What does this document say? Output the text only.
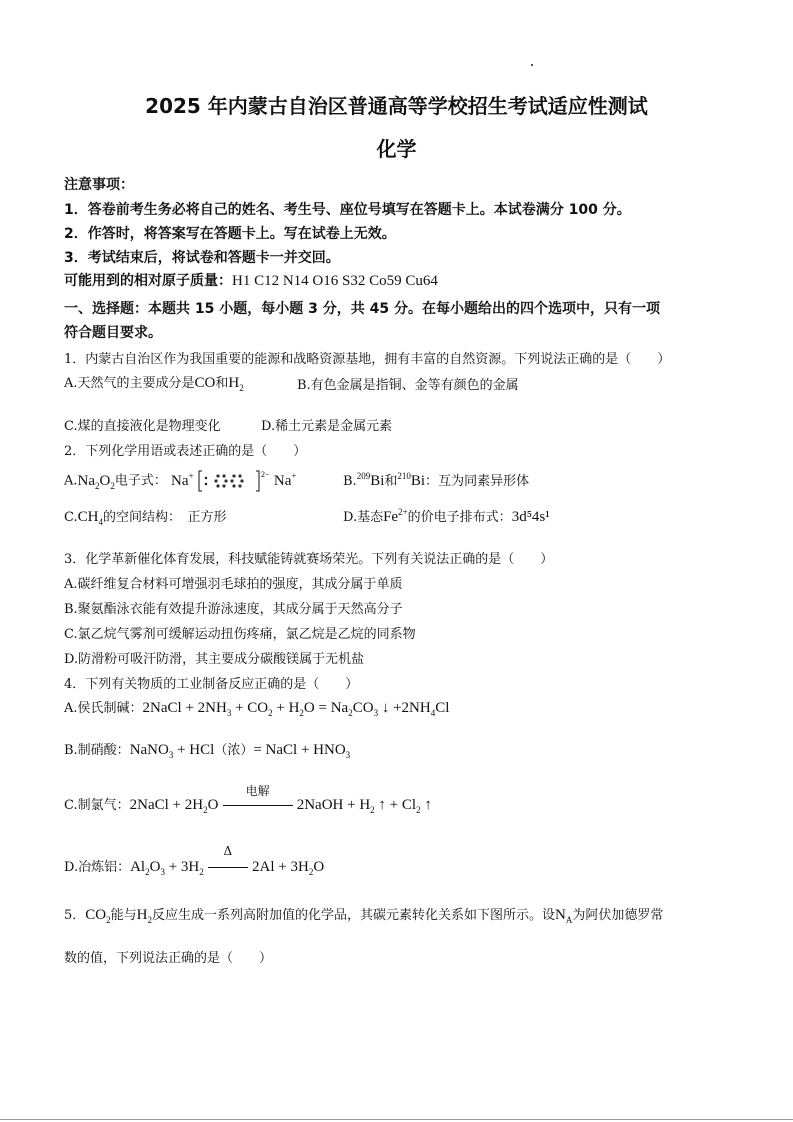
2025 年内蒙古自治区普通高等学校招生考试适应性测试
化学
注意事项：
1．答卷前考生务必将自己的姓名、考生号、座位号填写在答题卡上。本试卷满分 100 分。
2．作答时，将答案写在答题卡上。写在试卷上无效。
3．考试结束后，将试卷和答题卡一并交回。
可能用到的相对原子质量：H1 C12 N14 O16 S32 Co59 Cu64
一、选择题：本题共 15 小题，每小题 3 分，共 45 分。在每小题给出的四个选项中，只有一项
符合题目要求。
1．内蒙古自治区作为我国重要的能源和战略资源基地，拥有丰富的自然资源。下列说法正确的是（　　）
A.天然气的主要成分是CO和$H_2$	B.有色金属是指铜、金等有颜色的金属
C.煤的直接液化是物理变化	D.稀土元素是金属元素
2．下列化学用语或表述正确的是（　　）
$A.Na_2O_2$电子式： Na+	2− Na+	B.$^{209}$Bi和$^{210}$Bi：互为同素异形体
$C.CH_4$的空间结构：　正方形	D.基态$Fe^{2+}$的价电子排布式：3d⁵4s¹
3．化学革新催化体育发展，科技赋能铸就赛场荣光。下列有关说法正确的是（　　）
A.碳纤维复合材料可增强羽毛球拍的强度，其成分属于单质
B.聚氨酯泳衣能有效提升游泳速度，其成分属于天然高分子
C.氯乙烷气雾剂可缓解运动扭伤疼痛，氯乙烷是乙烷的同系物
D.防滑粉可吸汗防滑，其主要成分碳酸镁属于无机盐
4．下列有关物质的工业制备反应正确的是（　　）
A.侯氏制碱：2NaCl + $2NH_3 + CO_2 + H_2O = Na_2CO_3$ ↓ $+2NH_4Cl$
B.制硝酸：NaNO$_3$ + HCl（浓）= NaCl + $HNO_3$
C.制氯气：2NaCl + $2H_2O$
电解
2NaOH + $H_2$ ↑ + $Cl_2$ ↑
D.冶炼铝：$Al_2O_3 + 3H_2$
Δ
$2Al + 3H_2O$
5．$CO_2$能与$H_2$反应生成一系列高附加值的化学品，其碳元素转化关系如下图所示。设$N_A$为阿伏加德罗常
数的值，下列说法正确的是（　　）
